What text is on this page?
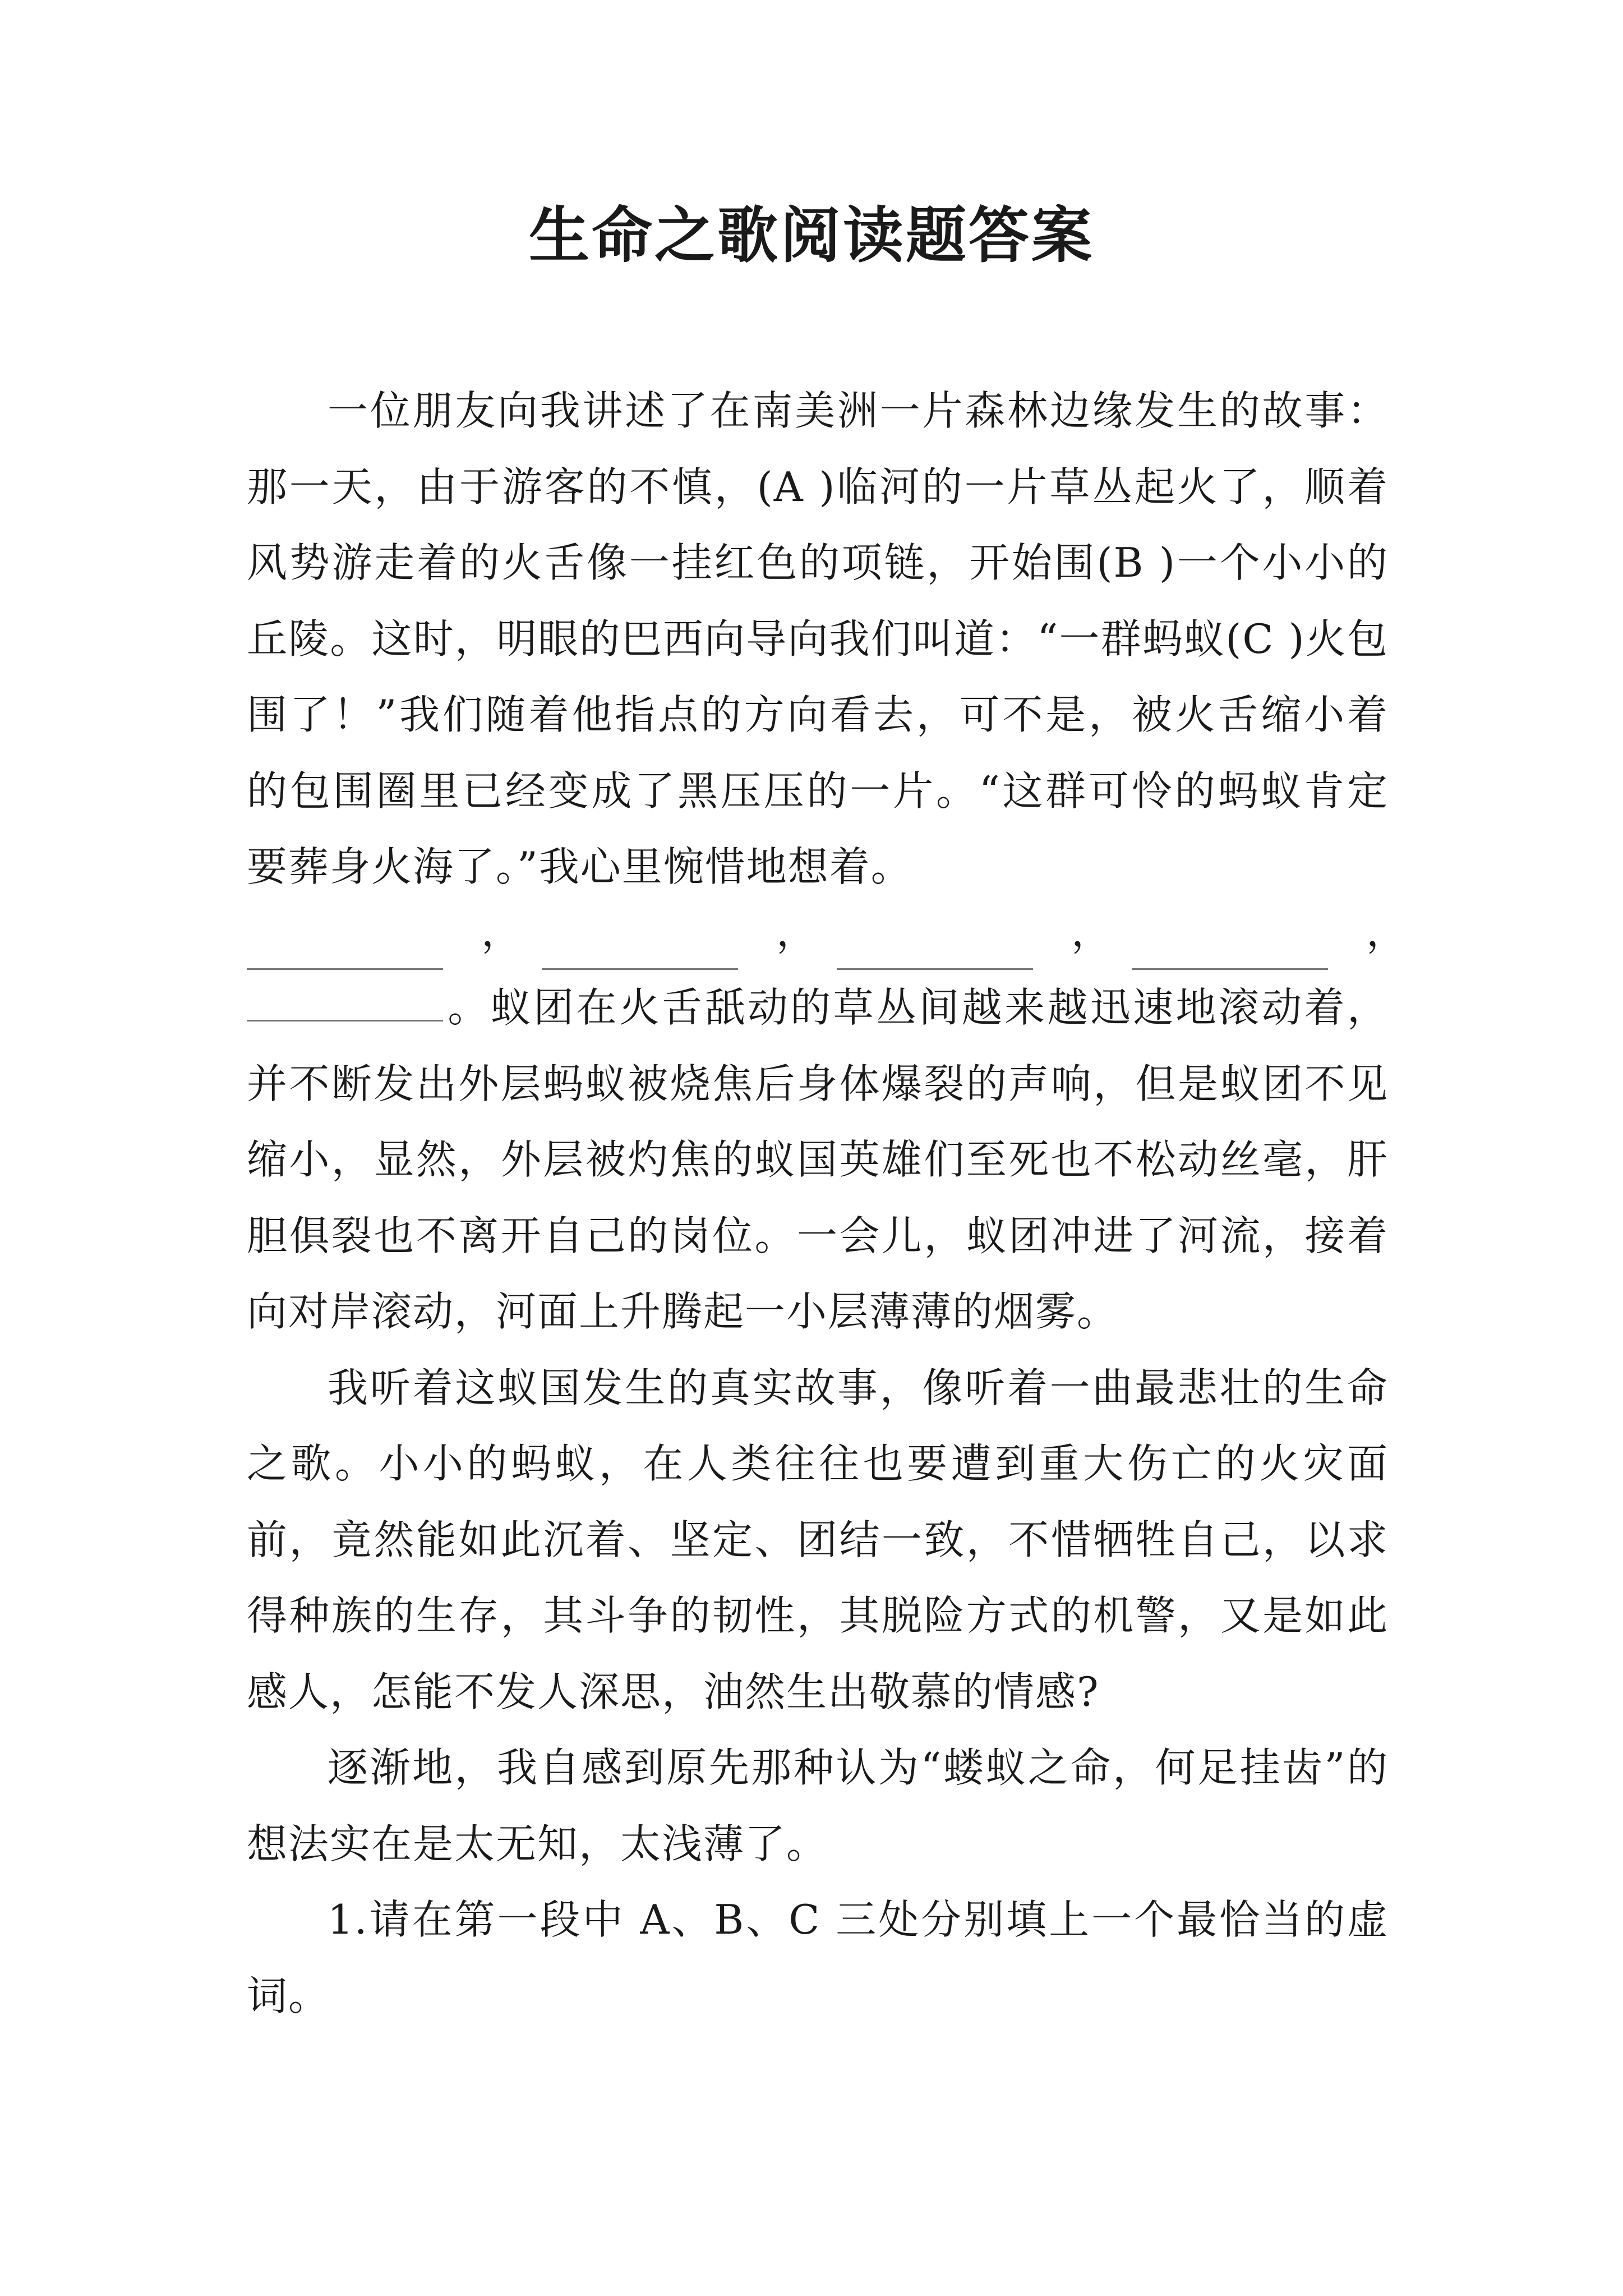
生命之歌阅读题答案

一位朋友向我讲述了在南美洲一片森林边缘发生的故事：那一天，由于游客的不慎，(A )临河的一片草丛起火了，顺着风势游走着的火舌像一挂红色的项链，开始围(B )一个小小的丘陵。这时，明眼的巴西向导向我们叫道：“一群蚂蚁(C )火包围了！”我们随着他指点的方向看去，可不是，被火舌缩小着的包围圈里已经变成了黑压压的一片。“这群可怜的蚂蚁肯定要葬身火海了。”我心里惋惜地想着。

，	，	，	，

。蚁团在火舌舐动的草丛间越来越迅速地滚动着，并不断发出外层蚂蚁被烧焦后身体爆裂的声响，但是蚁团不见缩小，显然，外层被灼焦的蚁国英雄们至死也不松动丝毫，肝胆俱裂也不离开自己的岗位。一会儿，蚁团冲进了河流，接着向对岸滚动，河面上升腾起一小层薄薄的烟雾。

我听着这蚁国发生的真实故事，像听着一曲最悲壮的生命之歌。小小的蚂蚁，在人类往往也要遭到重大伤亡的火灾面前，竟然能如此沉着、坚定、团结一致，不惜牺牲自己，以求得种族的生存，其斗争的韧性，其脱险方式的机警，又是如此感人，怎能不发人深思，油然生出敬慕的情感?

逐渐地，我自感到原先那种认为“蝼蚁之命，何足挂齿”的想法实在是太无知，太浅薄了。

1.请在第一段中 A、B、C 三处分别填上一个最恰当的虚词。
